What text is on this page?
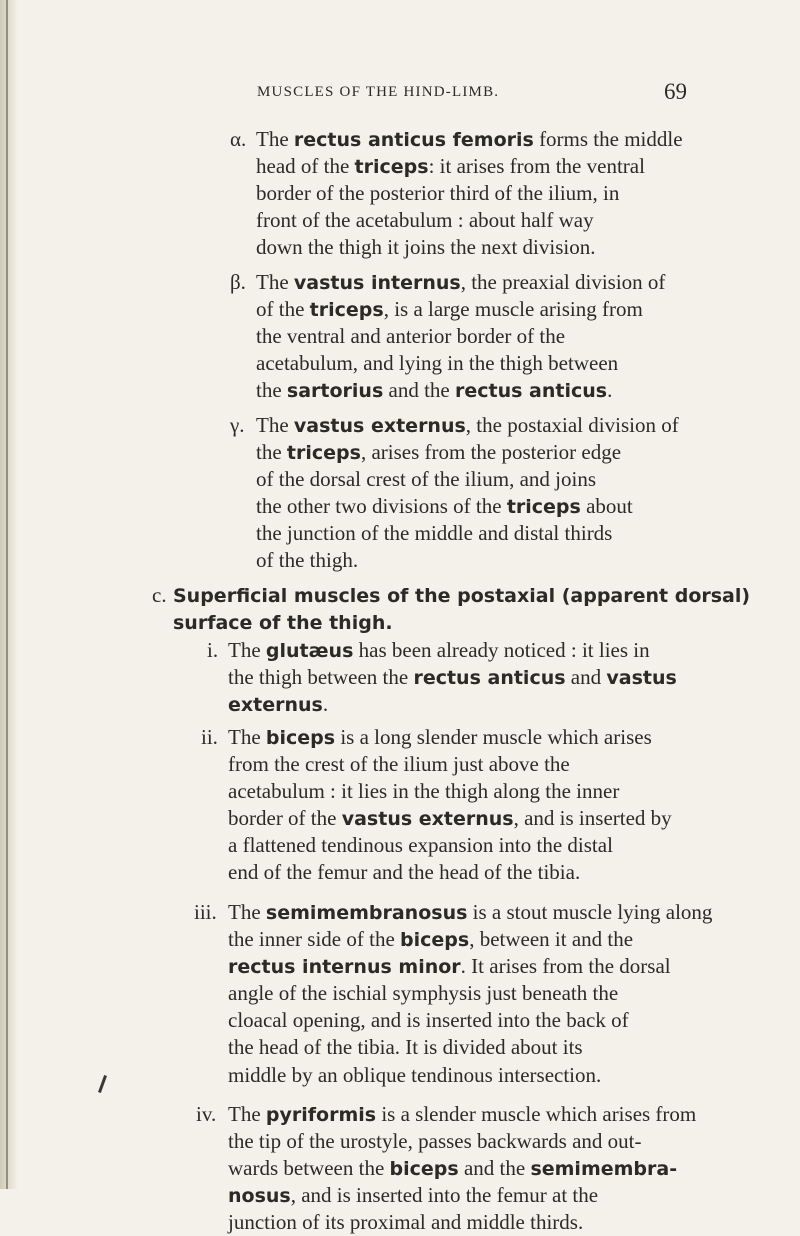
MUSCLES OF THE HIND-LIMB.	69
α. The rectus anticus femoris forms the middle
head of the triceps: it arises from the ventral
border of the posterior third of the ilium, in
front of the acetabulum : about half way
down the thigh it joins the next division.
β. The vastus internus, the preaxial division of
of the triceps, is a large muscle arising from
the ventral and anterior border of the
acetabulum, and lying in the thigh between
the sartorius and the rectus anticus.
γ. The vastus externus, the postaxial division of
the triceps, arises from the posterior edge
of the dorsal crest of the ilium, and joins
the other two divisions of the triceps about
the junction of the middle and distal thirds
of the thigh.
c. Superficial muscles of the postaxial (apparent dorsal)
surface of the thigh.
i. The glutæus has been already noticed : it lies in
the thigh between the rectus anticus and vastus
externus.
ii. The biceps is a long slender muscle which arises
from the crest of the ilium just above the
acetabulum : it lies in the thigh along the inner
border of the vastus externus, and is inserted by
a flattened tendinous expansion into the distal
end of the femur and the head of the tibia.
iii. The semimembranosus is a stout muscle lying along
the inner side of the biceps, between it and the
rectus internus minor. It arises from the dorsal
angle of the ischial symphysis just beneath the
cloacal opening, and is inserted into the back of
the head of the tibia. It is divided about its
middle by an oblique tendinous intersection.
iv. The pyriformis is a slender muscle which arises from
the tip of the urostyle, passes backwards and out-
wards between the biceps and the semimembra-
nosus, and is inserted into the femur at the
junction of its proximal and middle thirds.
